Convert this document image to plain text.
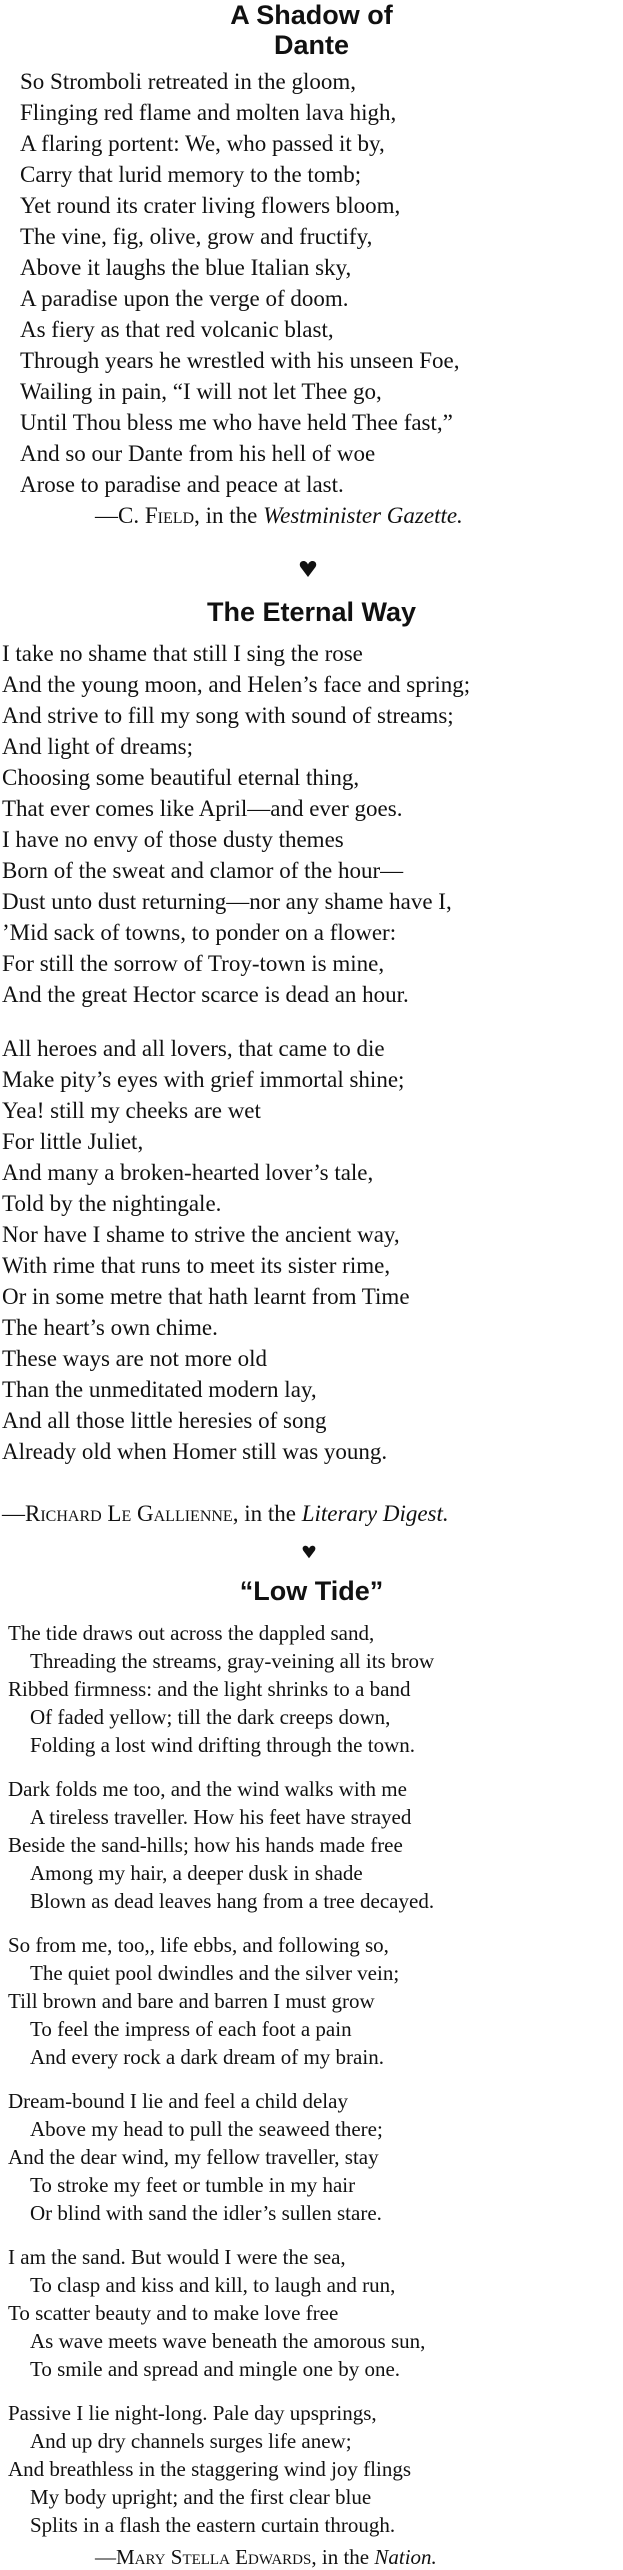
A Shadow of
Dante
So Stromboli retreated in the gloom,
Flinging red flame and molten lava high,
A flaring portent: We, who passed it by,
Carry that lurid memory to the tomb;
Yet round its crater living flowers bloom,
The vine, fig, olive, grow and fructify,
Above it laughs the blue Italian sky,
A paradise upon the verge of doom.
As fiery as that red volcanic blast,
Through years he wrestled with his unseen Foe,
Wailing in pain, “I will not let Thee go,
Until Thou bless me who have held Thee fast,”
And so our Dante from his hell of woe
Arose to paradise and peace at last.
—C. Field, in the Westminister Gazette.
The Eternal Way
I take no shame that still I sing the rose
And the young moon, and Helen’s face and spring;
And strive to fill my song with sound of streams;
And light of dreams;
Choosing some beautiful eternal thing,
That ever comes like April—and ever goes.
I have no envy of those dusty themes
Born of the sweat and clamor of the hour—
Dust unto dust returning—nor any shame have I,
’Mid sack of towns, to ponder on a flower:
For still the sorrow of Troy-town is mine,
And the great Hector scarce is dead an hour.
All heroes and all lovers, that came to die
Make pity’s eyes with grief immortal shine;
Yea! still my cheeks are wet
For little Juliet,
And many a broken-hearted lover’s tale,
Told by the nightingale.
Nor have I shame to strive the ancient way,
With rime that runs to meet its sister rime,
Or in some metre that hath learnt from Time
The heart’s own chime.
These ways are not more old
Than the unmeditated modern lay,
And all those little heresies of song
Already old when Homer still was young.
—Richard Le Gallienne, in the Literary Digest.
“Low Tide”
The tide draws out across the dappled sand,
Threading the streams, gray-veining all its brow
Ribbed firmness: and the light shrinks to a band
Of faded yellow; till the dark creeps down,
Folding a lost wind drifting through the town.
Dark folds me too, and the wind walks with me
A tireless traveller. How his feet have strayed
Beside the sand-hills; how his hands made free
Among my hair, a deeper dusk in shade
Blown as dead leaves hang from a tree decayed.
So from me, too,, life ebbs, and following so,
The quiet pool dwindles and the silver vein;
Till brown and bare and barren I must grow
To feel the impress of each foot a pain
And every rock a dark dream of my brain.
Dream-bound I lie and feel a child delay
Above my head to pull the seaweed there;
And the dear wind, my fellow traveller, stay
To stroke my feet or tumble in my hair
Or blind with sand the idler’s sullen stare.
I am the sand. But would I were the sea,
To clasp and kiss and kill, to laugh and run,
To scatter beauty and to make love free
As wave meets wave beneath the amorous sun,
To smile and spread and mingle one by one.
Passive I lie night-long. Pale day upsprings,
And up dry channels surges life anew;
And breathless in the staggering wind joy flings
My body upright; and the first clear blue
Splits in a flash the eastern curtain through.
—Mary Stella Edwards, in the Nation.
